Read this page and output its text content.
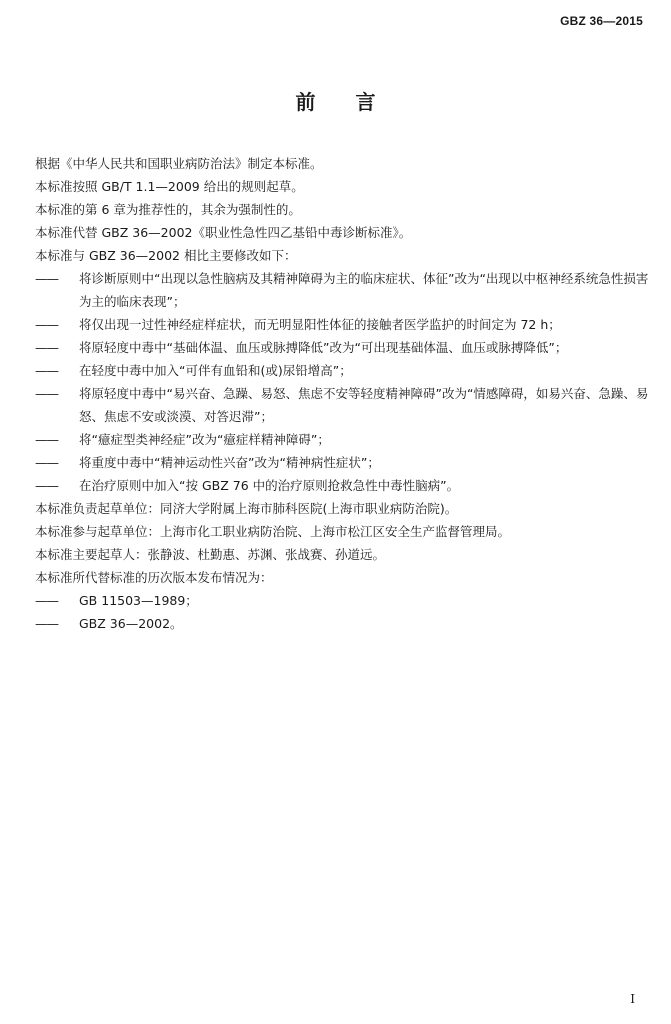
GBZ 36—2015
前 言

根据《中华人民共和国职业病防治法》制定本标准。

本标准按照 GB/T 1.1—2009 给出的规则起草。

本标准的第 6 章为推荐性的，其余为强制性的。

本标准代替 GBZ 36—2002《职业性急性四乙基铅中毒诊断标准》。

本标准与 GBZ 36—2002 相比主要修改如下：

——	将诊断原则中“出现以急性脑病及其精神障碍为主的临床症状、体征”改为“出现以中枢神经系统急性损害为主的临床表现”；
——	将仅出现一过性神经症样症状，而无明显阳性体征的接触者医学监护的时间定为 72 h；
——	将原轻度中毒中“基础体温、血压或脉搏降低”改为“可出现基础体温、血压或脉搏降低”；
——	在轻度中毒中加入“可伴有血铅和(或)尿铅增高”；
——	将原轻度中毒中“易兴奋、急躁、易怒、焦虑不安等轻度精神障碍”改为“情感障碍，如易兴奋、急躁、易怒、焦虑不安或淡漠、对答迟滞”；
——	将“癔症型类神经症”改为“癔症样精神障碍”；
——	将重度中毒中“精神运动性兴奋”改为“精神病性症状”；
——	在治疗原则中加入“按 GBZ 76 中的治疗原则抢救急性中毒性脑病”。

本标准负责起草单位：同济大学附属上海市肺科医院(上海市职业病防治院)。

本标准参与起草单位：上海市化工职业病防治院、上海市松江区安全生产监督管理局。

本标准主要起草人：张静波、杜勤惠、苏渊、张战赛、孙道远。

本标准所代替标准的历次版本发布情况为：

——	GB 11503—1989；
——	GBZ 36—2002。
I
